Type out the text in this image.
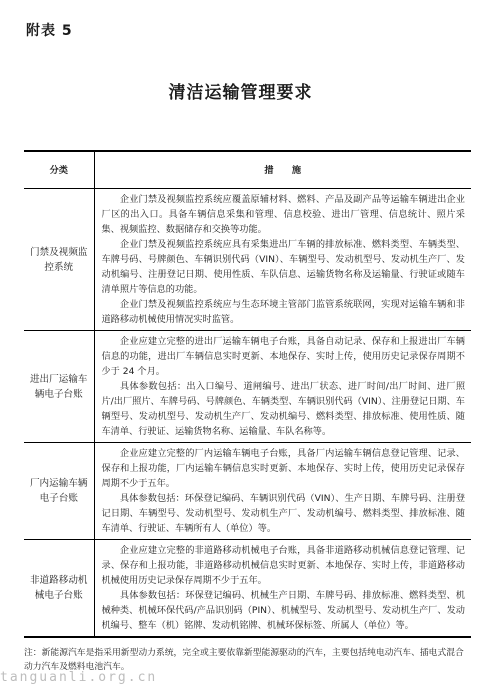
附表 5
清洁运输管理要求
分类	措　　施
门禁及视频监控系统	企业门禁及视频监控系统应覆盖原辅材料、燃料、产品及副产品等运输车辆进出企业厂区的出入口。具备车辆信息采集和管理、信息校验、进出厂管理、信息统计、照片采集、视频监控、数据储存和交换等功能。

企业门禁及视频监控系统应具有采集进出厂车辆的排放标准、燃料类型、车辆类型、车牌号码、号牌颜色、车辆识别代码（VIN）、车辆型号、发动机型号、发动机生产厂、发动机编号、注册登记日期、使用性质、车队信息、运输货物名称及运输量、行驶证或随车清单照片等信息的功能。

企业门禁及视频监控系统应与生态环境主管部门监管系统联网，实现对运输车辆和非道路移动机械使用情况实时监管。

进出厂运输车辆电子台账	企业应建立完整的进出厂运输车辆电子台账，具备自动记录、保存和上报进出厂车辆信息的功能，进出厂车辆信息实时更新、本地保存、实时上传，使用历史记录保存周期不少于 24 个月。

具体参数包括：出入口编号、道闸编号、进出厂状态、进厂时间/出厂时间、进厂照片/出厂照片、车牌号码、号牌颜色、车辆类型、车辆识别代码（VIN）、注册登记日期、车辆型号、发动机型号、发动机生产厂、发动机编号、燃料类型、排放标准、使用性质、随车清单、行驶证、运输货物名称、运输量、车队名称等。

厂内运输车辆电子台账	企业应建立完整的厂内运输车辆电子台账，具备厂内运输车辆信息登记管理、记录、保存和上报功能，厂内运输车辆信息实时更新、本地保存、实时上传，使用历史记录保存周期不少于五年。

具体参数包括：环保登记编码、车辆识别代码（VIN）、生产日期、车牌号码、注册登记日期、车辆型号、发动机型号、发动机生产厂、发动机编号、燃料类型、排放标准、随车清单、行驶证、车辆所有人（单位）等。

非道路移动机械电子台账	企业应建立完整的非道路移动机械电子台账，具备非道路移动机械信息登记管理、记录、保存和上报功能，非道路移动机械信息实时更新、本地保存、实时上传，非道路移动机械使用历史记录保存周期不少于五年。

具体参数包括：环保登记编码、机械生产日期、车牌号码、排放标准、燃料类型、机械种类、机械环保代码/产品识别码（PIN）、机械型号、发动机型号、发动机生产厂、发动机编号、整车（机）铭牌、发动机铭牌、机械环保标签、所属人（单位）等。

注：新能源汽车是指采用新型动力系统，完全或主要依靠新型能源驱动的汽车，主要包括纯电动汽车、插电式混合动力汽车及燃料电池汽车。
tanguanli.org.cn
